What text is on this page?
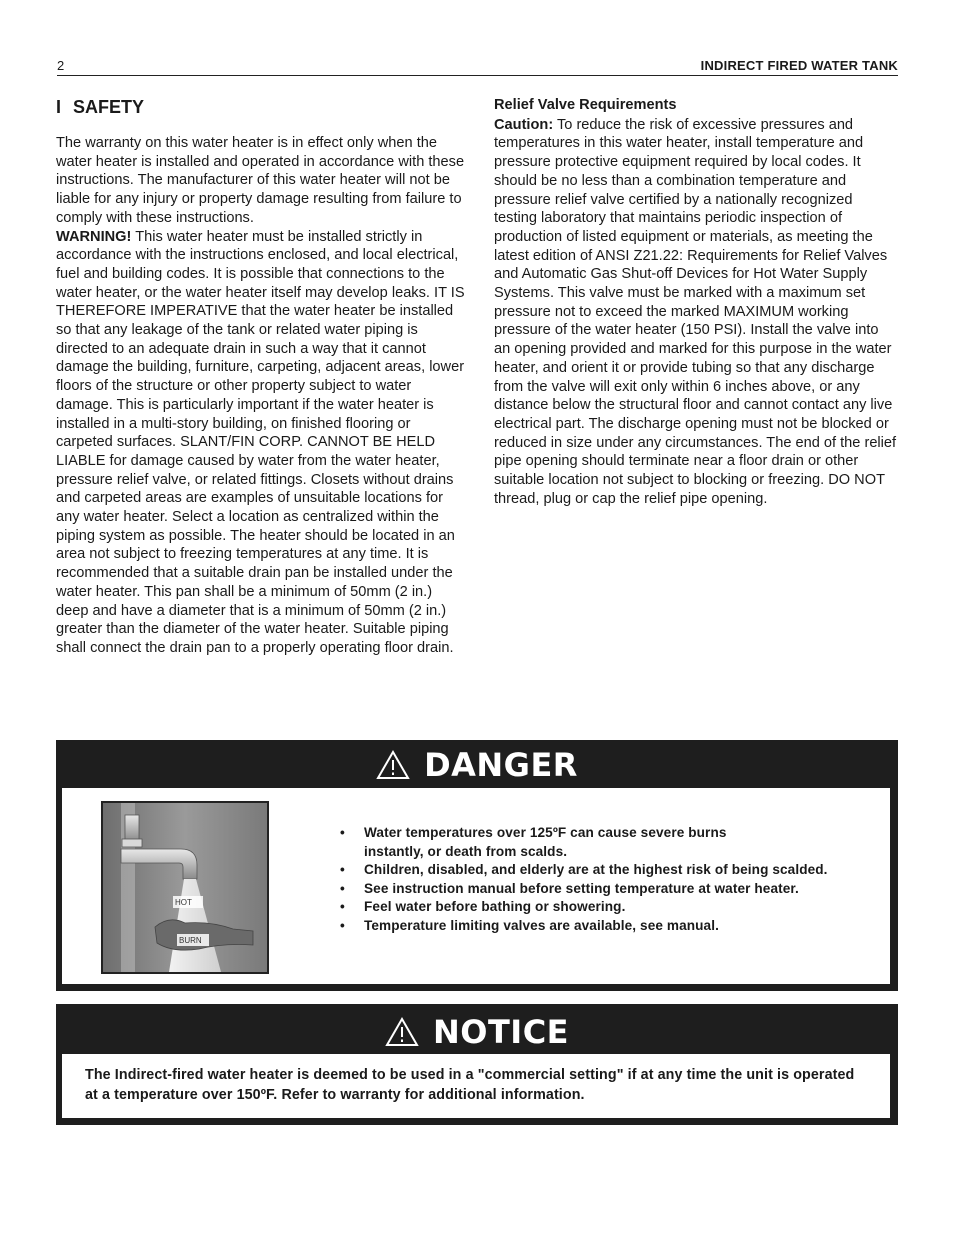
2	INDIRECT FIRED WATER TANK
I SAFETY

The warranty on this water heater is in effect only when the water heater is installed and operated in accordance with these instructions. The manufacturer of this water heater will not be liable for any injury or property damage resulting from failure to comply with these instructions.

WARNING! This water heater must be installed strictly in accordance with the instructions enclosed, and local electrical, fuel and building codes. It is possible that connections to the water heater, or the water heater itself may develop leaks. IT IS THEREFORE IMPERATIVE that the water heater be installed so that any leakage of the tank or related water piping is directed to an adequate drain in such a way that it cannot damage the building, furniture, carpeting, adjacent areas, lower floors of the structure or other property subject to water damage. This is particularly important if the water heater is installed in a multi-story building, on finished flooring or carpeted surfaces. SLANT/FIN CORP. CANNOT BE HELD LIABLE for damage caused by water from the water heater, pressure relief valve, or related fittings. Closets without drains and carpeted areas are examples of unsuitable locations for any water heater. Select a location as centralized within the piping system as possible. The heater should be located in an area not subject to freezing temperatures at any time. It is recommended that a suitable drain pan be installed under the water heater. This pan shall be a minimum of 50mm (2 in.) deep and have a diameter that is a minimum of 50mm (2 in.) greater than the diameter of the water heater. Suitable piping shall connect the drain pan to a properly operating floor drain.

Relief Valve Requirements

Caution: To reduce the risk of excessive pressures and temperatures in this water heater, install temperature and pressure protective equipment required by local codes. It should be no less than a combination temperature and pressure relief valve certified by a nationally recognized testing laboratory that maintains periodic inspection of production of listed equipment or materials, as meeting the latest edition of ANSI Z21.22: Requirements for Relief Valves and Automatic Gas Shut-off Devices for Hot Water Supply Systems. This valve must be marked with a maximum set pressure not to exceed the marked MAXIMUM working pressure of the water heater (150 PSI). Install the valve into an opening provided and marked for this purpose in the water heater, and orient it or provide tubing so that any discharge from the valve will exit only within 6 inches above, or any distance below the structural floor and cannot contact any live electrical part. The discharge opening must not be blocked or reduced in size under any circumstances. The end of the relief pipe opening should terminate near a floor drain or other suitable location not subject to blocking or freezing. DO NOT thread, plug or cap the relief pipe opening.

DANGER
HOT
BURN
• Water temperatures over 125ºF can cause severe burns instantly, or death from scalds.
• Children, disabled, and elderly are at the highest risk of being scalded.
• See instruction manual before setting temperature at water heater.
• Feel water before bathing or showering.
• Temperature limiting valves are available, see manual.
NOTICE

The Indirect-fired water heater is deemed to be used in a "commercial setting" if at any time the unit is operated at a temperature over 150ºF. Refer to warranty for additional information.
